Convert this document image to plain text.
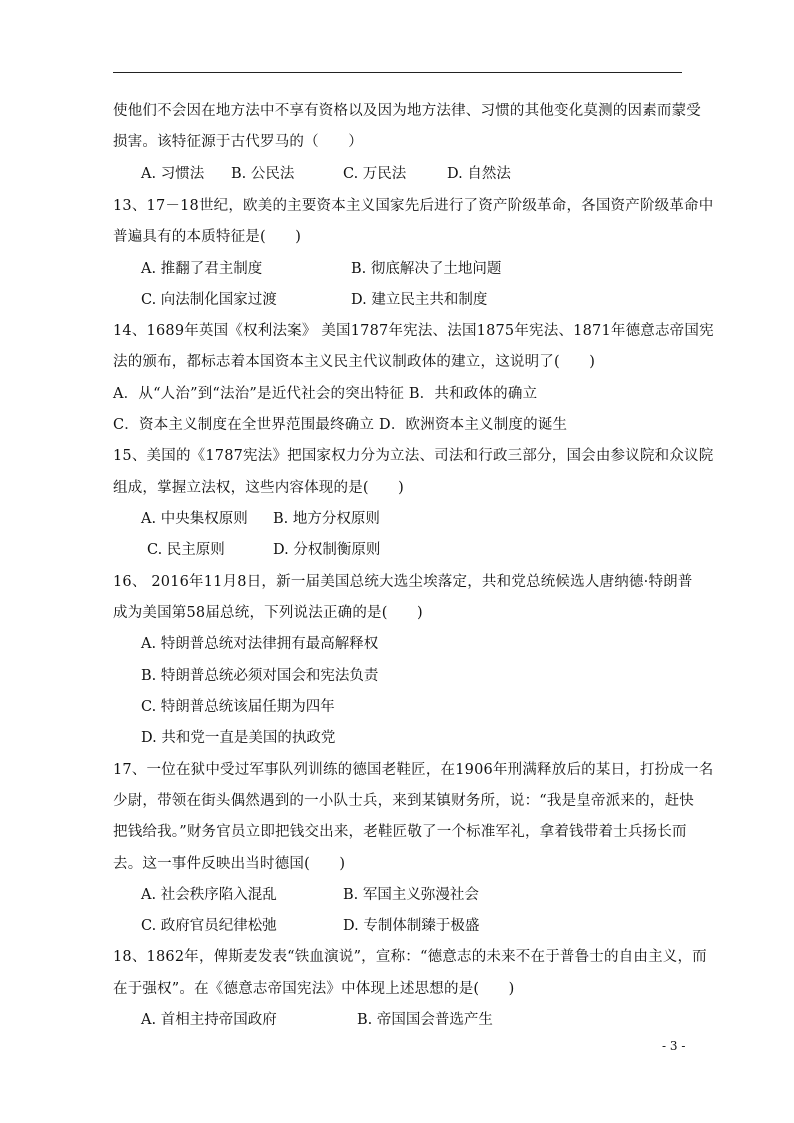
使他们不会因在地方法中不享有资格以及因为地方法律、习惯的其他变化莫测的因素而蒙受
损害。该特征源于古代罗马的（　　）
A. 习惯法 B. 公民法	C. 万民法	D. 自然法
13、17－18世纪，欧美的主要资本主义国家先后进行了资产阶级革命，各国资产阶级革命中
普遍具有的本质特征是(　　)
A. 推翻了君主制度	B. 彻底解决了土地问题
C. 向法制化国家过渡	D. 建立民主共和制度
14、1689年英国《权利法案》 美国1787年宪法、法国1875年宪法、1871年德意志帝国宪
法的颁布，都标志着本国资本主义民主代议制政体的建立，这说明了(　　)
A．从“人治”到“法治”是近代社会的突出特征 B．共和政体的确立
C．资本主义制度在全世界范围最终确立 D．欧洲资本主义制度的诞生
15、美国的《1787宪法》把国家权力分为立法、司法和行政三部分，国会由参议院和众议院
组成，掌握立法权，这些内容体现的是(　　)
A. 中央集权原则 B. 地方分权原则
C. 民主原则	D. 分权制衡原则
16、 2016年11月8日，新一届美国总统大选尘埃落定，共和党总统候选人唐纳德·特朗普
成为美国第58届总统，下列说法正确的是(　　)
A. 特朗普总统对法律拥有最高解释权
B. 特朗普总统必须对国会和宪法负责
C. 特朗普总统该届任期为四年
D. 共和党一直是美国的执政党
17、一位在狱中受过军事队列训练的德国老鞋匠，在1906年刑满释放后的某日，打扮成一名
少尉，带领在街头偶然遇到的一小队士兵，来到某镇财务所，说：“我是皇帝派来的，赶快
把钱给我。”财务官员立即把钱交出来，老鞋匠敬了一个标准军礼，拿着钱带着士兵扬长而
去。这一事件反映出当时德国(　　)
A. 社会秩序陷入混乱	B. 军国主义弥漫社会
C. 政府官员纪律松弛	D. 专制体制臻于极盛
18、1862年，俾斯麦发表“铁血演说”，宣称：“德意志的未来不在于普鲁士的自由主义，而
在于强权”。在《德意志帝国宪法》中体现上述思想的是(　　)
A. 首相主持帝国政府	B. 帝国国会普选产生
- 3 -
